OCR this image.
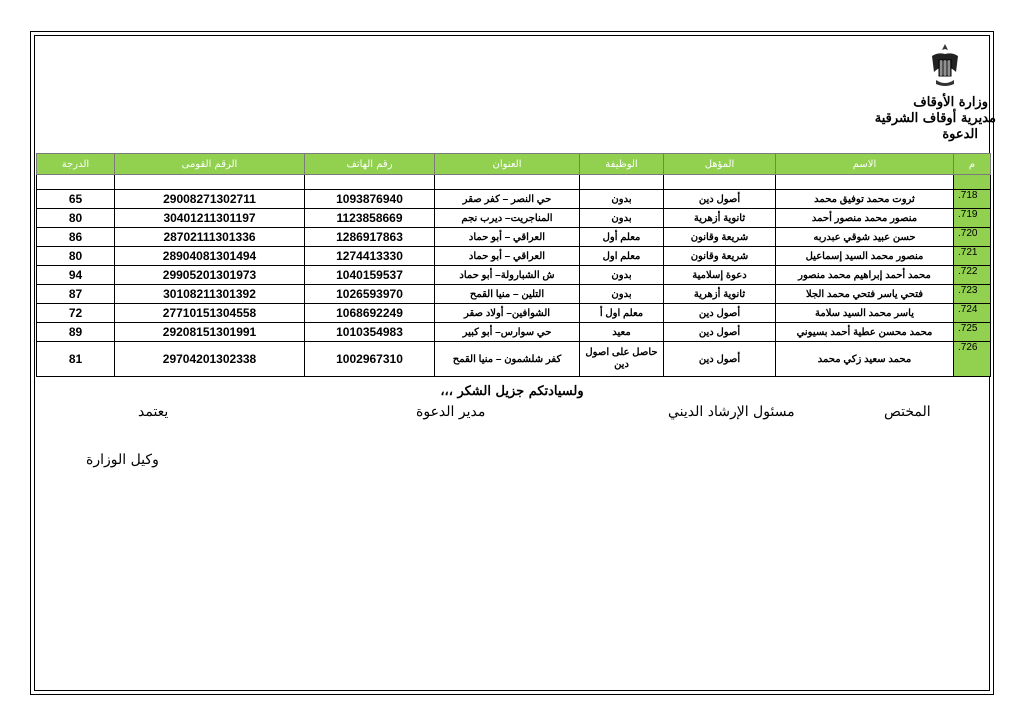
وزارة الأوقاف
مديرية أوقاف الشرقية
الدعوة
م	الاسم	المؤهل	الوظيفة	العنوان	رقم الهاتف	الرقم القومى	الدرجة

718.	ثروت محمد توفيق محمد	أصول دين	بدون	حي النصر – كفر صقر	1093876940	29008271302711	65
719.	منصور محمد منصور أحمد	ثانوية أزهرية	بدون	المناجريت– ديرب نجم	1123858669	30401211301197	80
720.	حسن عبيد شوقي عبدربه	شريعة وقانون	معلم أول	العراقي – أبو حماد	1286917863	28702111301336	86
721.	منصور محمد السيد إسماعيل	شريعة وقانون	معلم اول	العراقي – أبو حماد	1274413330	28904081301494	80
722.	محمد أحمد إبراهيم محمد منصور	دعوة إسلامية	بدون	ش الشبارولة– أبو حماد	1040159537	29905201301973	94
723.	فتحي ياسر فتحي محمد الجلا	ثانوية أزهرية	بدون	التلين – منيا القمح	1026593970	30108211301392	87
724.	ياسر محمد السيد سلامة	أصول دين	معلم اول أ	الشوافين– أولاد صقر	1068692249	27710151304558	72
725.	محمد محسن عطية أحمد بسيوني	أصول دين	معيد	حي سوارس– أبو كبير	1010354983	29208151301991	89
726.	محمد سعيد زكي محمد	أصول دين	حاصل على اصول دين	كفر شلشمون – منيا القمح	1002967310	29704201302338	81
ولسيادتكم جزيل الشكر ،،،
المختص
مسئول الإرشاد الديني
مدير الدعوة
يعتمد
وكيل الوزارة
